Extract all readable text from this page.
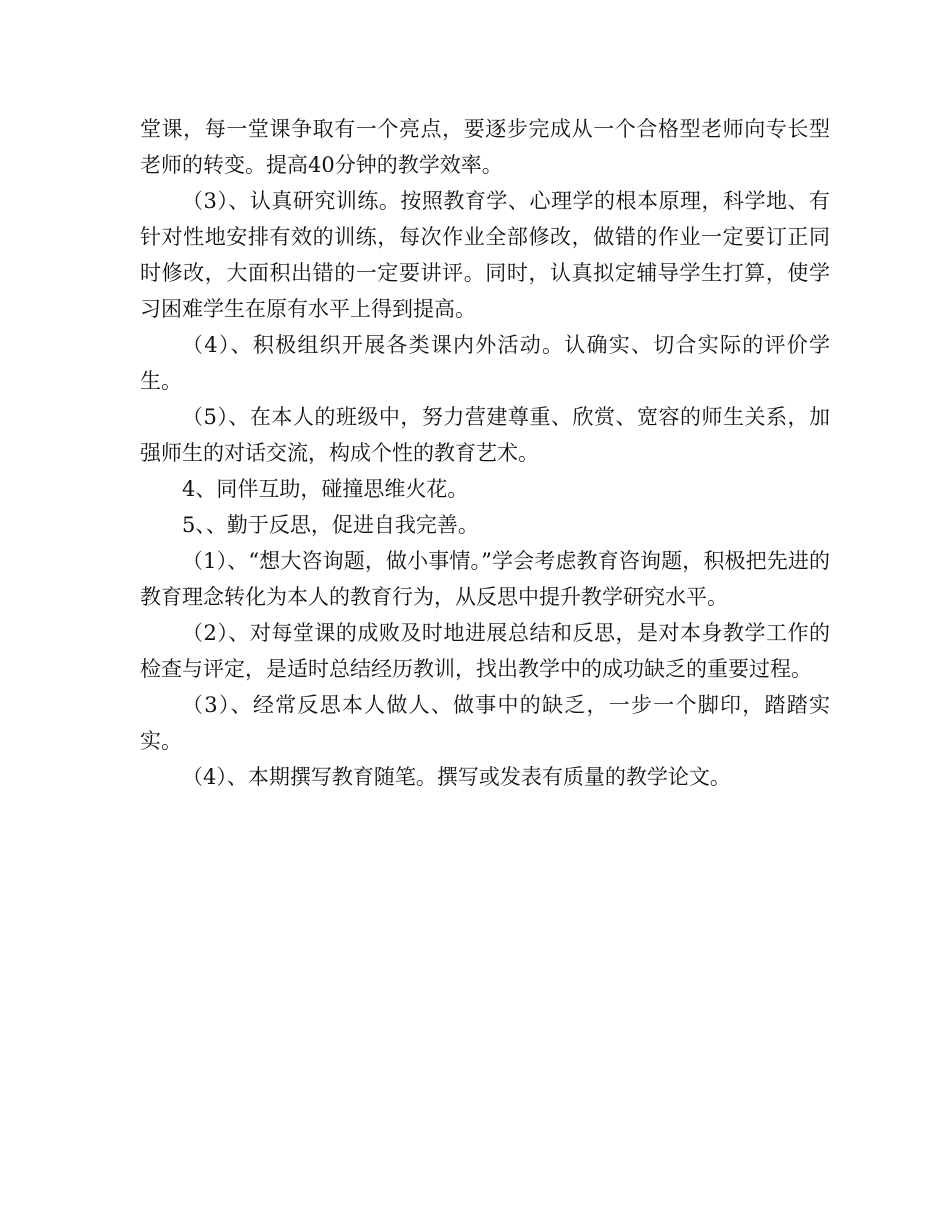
堂课，每一堂课争取有一个亮点，要逐步完成从一个合格型老师向专长型老师的转变。提高40分钟的教学效率。

（3）、认真研究训练。按照教育学、心理学的根本原理，科学地、有针对性地安排有效的训练，每次作业全部修改，做错的作业一定要订正同时修改，大面积出错的一定要讲评。同时，认真拟定辅导学生打算，使学习困难学生在原有水平上得到提高。

（4）、积极组织开展各类课内外活动。认确实、切合实际的评价学生。

（5）、在本人的班级中，努力营建尊重、欣赏、宽容的师生关系，加强师生的对话交流，构成个性的教育艺术。

4、同伴互助，碰撞思维火花。

5、、勤于反思，促进自我完善。

（1）、“想大咨询题，做小事情。”学会考虑教育咨询题，积极把先进的教育理念转化为本人的教育行为，从反思中提升教学研究水平。

（2）、对每堂课的成败及时地进展总结和反思，是对本身教学工作的检查与评定，是适时总结经历教训，找出教学中的成功缺乏的重要过程。

（3）、经常反思本人做人、做事中的缺乏，一步一个脚印，踏踏实实。

（4）、本期撰写教育随笔。撰写或发表有质量的教学论文。
